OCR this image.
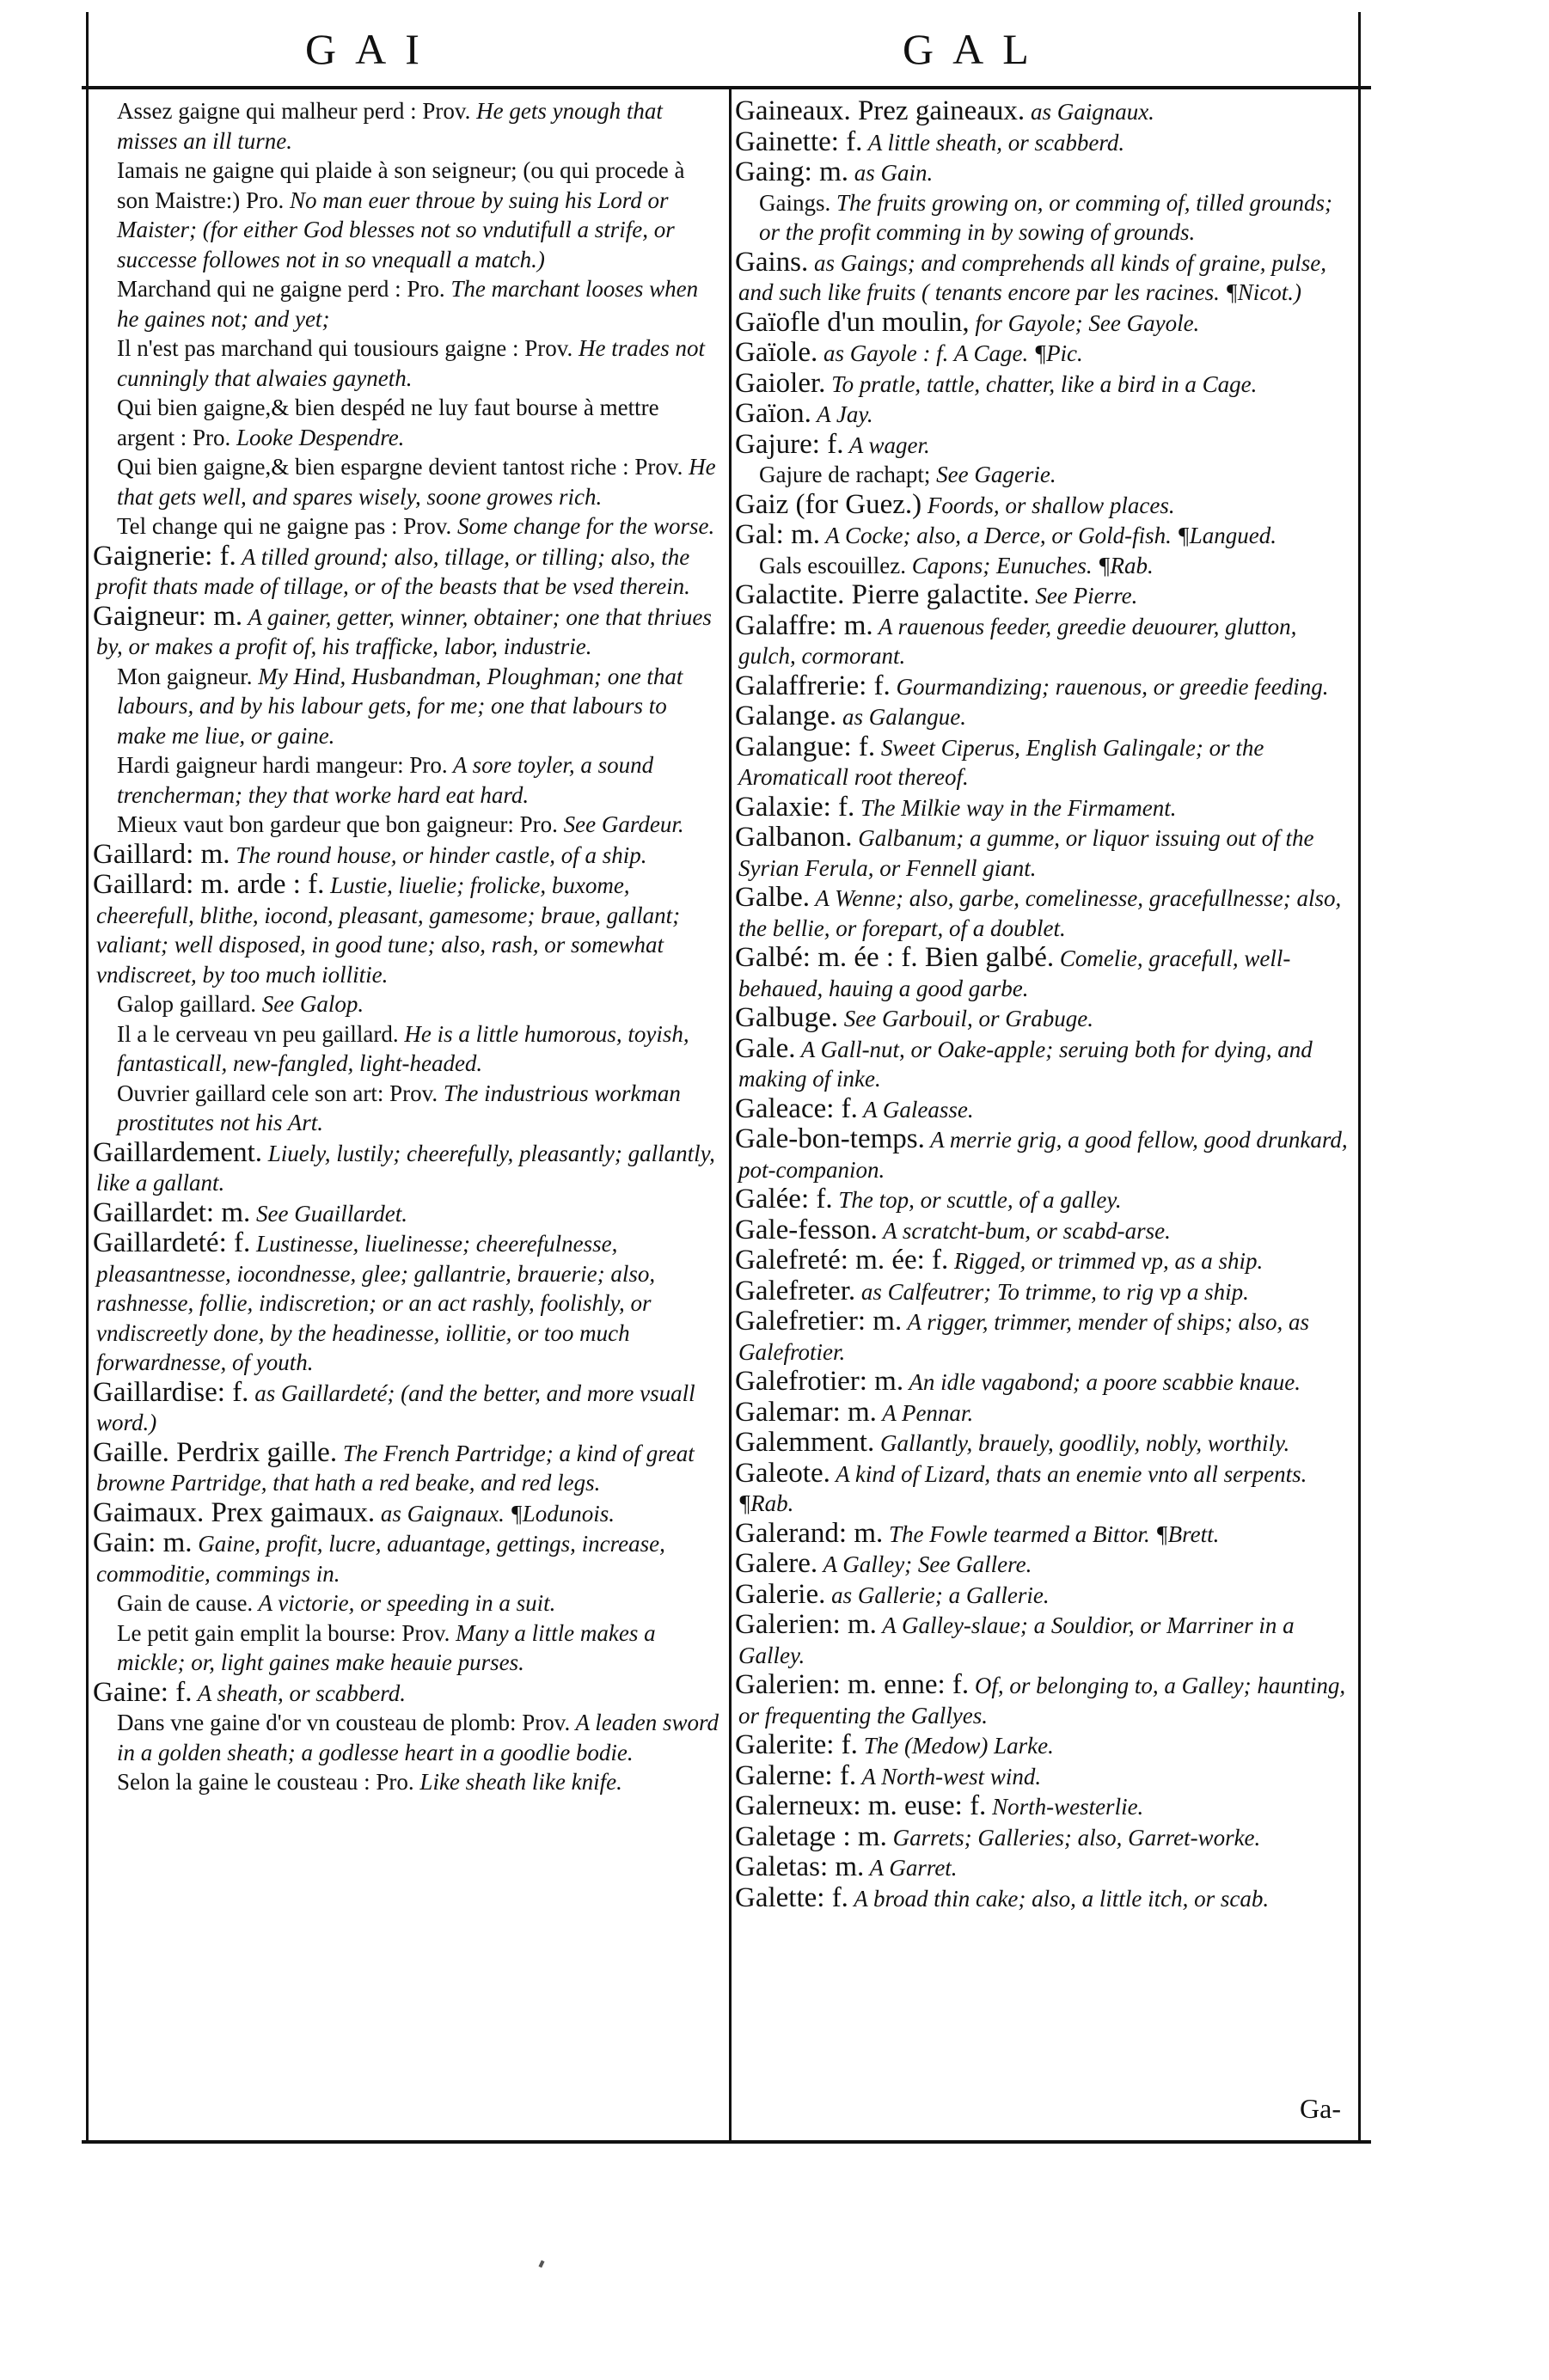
GAI	GAL

Assez gaigne qui malheur perd : Prov. He gets ynough that misses an ill turne.

Iamais ne gaigne qui plaide à son seigneur; (ou qui procede à son Maistre:) Pro. No man euer throue by suing his Lord or Maister; (for either God blesses not so vndutifull a strife, or successe followes not in so vnequall a match.)

Marchand qui ne gaigne perd : Pro. The marchant looses when he gaines not; and yet;

Il n'est pas marchand qui tousiours gaigne : Prov. He trades not cunningly that alwaies gayneth.

Qui bien gaigne,& bien despéd ne luy faut bourse à mettre argent : Pro. Looke Despendre.

Qui bien gaigne,& bien espargne devient tantost riche : Prov. He that gets well, and spares wisely, soone growes rich.

Tel change qui ne gaigne pas : Prov. Some change for the worse.

Gaignerie: f. A tilled ground; also, tillage, or tilling; also, the profit thats made of tillage, or of the beasts that be vsed therein.

Gaigneur: m. A gainer, getter, winner, obtainer; one that thriues by, or makes a profit of, his trafficke, labor, industrie.

Mon gaigneur. My Hind, Husbandman, Ploughman; one that labours, and by his labour gets, for me; one that labours to make me liue, or gaine.

Hardi gaigneur hardi mangeur: Pro. A sore toyler, a sound trencherman; they that worke hard eat hard.

Mieux vaut bon gardeur que bon gaigneur: Pro. See Gardeur.

Gaillard: m. The round house, or hinder castle, of a ship.

Gaillard: m. arde : f. Lustie, liuelie; frolicke, buxome, cheerefull, blithe, iocond, pleasant, gamesome; braue, gallant; valiant; well disposed, in good tune; also, rash, or somewhat vndiscreet, by too much iollitie.

Galop gaillard. See Galop.

Il a le cerveau vn peu gaillard. He is a little humorous, toyish, fantasticall, new-fangled, light-headed.

Ouvrier gaillard cele son art: Prov. The industrious workman prostitutes not his Art.

Gaillardement. Liuely, lustily; cheerefully, pleasantly; gallantly, like a gallant.

Gaillardet: m. See Guaillardet.

Gaillardeté: f. Lustinesse, liuelinesse; cheerefulnesse, pleasantnesse, iocondnesse, glee; gallantrie, brauerie; also, rashnesse, follie, indiscretion; or an act rashly, foolishly, or vndiscreetly done, by the headinesse, iollitie, or too much forwardnesse, of youth.

Gaillardise: f. as Gaillardeté; (and the better, and more vsuall word.)

Gaille. Perdrix gaille. The French Partridge; a kind of great browne Partridge, that hath a red beake, and red legs.

Gaimaux. Prex gaimaux. as Gaignaux. ¶Lodunois.

Gain: m. Gaine, profit, lucre, aduantage, gettings, increase, commoditie, commings in.

Gain de cause. A victorie, or speeding in a suit.

Le petit gain emplit la bourse: Prov. Many a little makes a mickle; or, light gaines make heauie purses.

Gaine: f. A sheath, or scabberd.

Dans vne gaine d'or vn cousteau de plomb: Prov. A leaden sword in a golden sheath; a godlesse heart in a goodlie bodie.

Selon la gaine le cousteau : Pro. Like sheath like knife.

Gaineaux. Prez gaineaux. as Gaignaux.

Gainette: f. A little sheath, or scabberd.

Gaing: m. as Gain.

Gaings. The fruits growing on, or comming of, tilled grounds; or the profit comming in by sowing of grounds.

Gains. as Gaings; and comprehends all kinds of graine, pulse, and such like fruits ( tenants encore par les racines. ¶Nicot.)

Gaïofle d'un moulin, for Gayole; See Gayole.

Gaïole. as Gayole : f. A Cage. ¶Pic.

Gaioler. To pratle, tattle, chatter, like a bird in a Cage.

Gaïon. A Jay.

Gajure: f. A wager.

Gajure de rachapt; See Gagerie.

Gaiz (for Guez.) Foords, or shallow places.

Gal: m. A Cocke; also, a Derce, or Gold-fish. ¶Langued.

Gals escouillez. Capons; Eunuches. ¶Rab.

Galactite. Pierre galactite. See Pierre.

Galaffre: m. A rauenous feeder, greedie deuourer, glutton, gulch, cormorant.

Galaffrerie: f. Gourmandizing; rauenous, or greedie feeding.

Galange. as Galangue.

Galangue: f. Sweet Ciperus, English Galingale; or the Aromaticall root thereof.

Galaxie: f. The Milkie way in the Firmament.

Galbanon. Galbanum; a gumme, or liquor issuing out of the Syrian Ferula, or Fennell giant.

Galbe. A Wenne; also, garbe, comelinesse, gracefullnesse; also, the bellie, or forepart, of a doublet.

Galbé: m. ée : f. Bien galbé. Comelie, gracefull, well-behaued, hauing a good garbe.

Galbuge. See Garbouil, or Grabuge.

Gale. A Gall-nut, or Oake-apple; seruing both for dying, and making of inke.

Galeace: f. A Galeasse.

Gale-bon-temps. A merrie grig, a good fellow, good drunkard, pot-companion.

Galée: f. The top, or scuttle, of a galley.

Gale-fesson. A scratcht-bum, or scabd-arse.

Galefreté: m. ée: f. Rigged, or trimmed vp, as a ship.

Galefreter. as Calfeutrer; To trimme, to rig vp a ship.

Galefretier: m. A rigger, trimmer, mender of ships; also, as Galefrotier.

Galefrotier: m. An idle vagabond; a poore scabbie knaue.

Galemar: m. A Pennar.

Galemment. Gallantly, brauely, goodlily, nobly, worthily.

Galeote. A kind of Lizard, thats an enemie vnto all serpents. ¶Rab.

Galerand: m. The Fowle tearmed a Bittor. ¶Brett.

Galere. A Galley; See Gallere.

Galerie. as Gallerie; a Gallerie.

Galerien: m. A Galley-slaue; a Souldior, or Marriner in a Galley.

Galerien: m. enne: f. Of, or belonging to, a Galley; haunting, or frequenting the Gallyes.

Galerite: f. The (Medow) Larke.

Galerne: f. A North-west wind.

Galerneux: m. euse: f. North-westerlie.

Galetage : m. Garrets; Galleries; also, Garret-worke.

Galetas: m. A Garret.

Galette: f. A broad thin cake; also, a little itch, or scab.

Ga-
